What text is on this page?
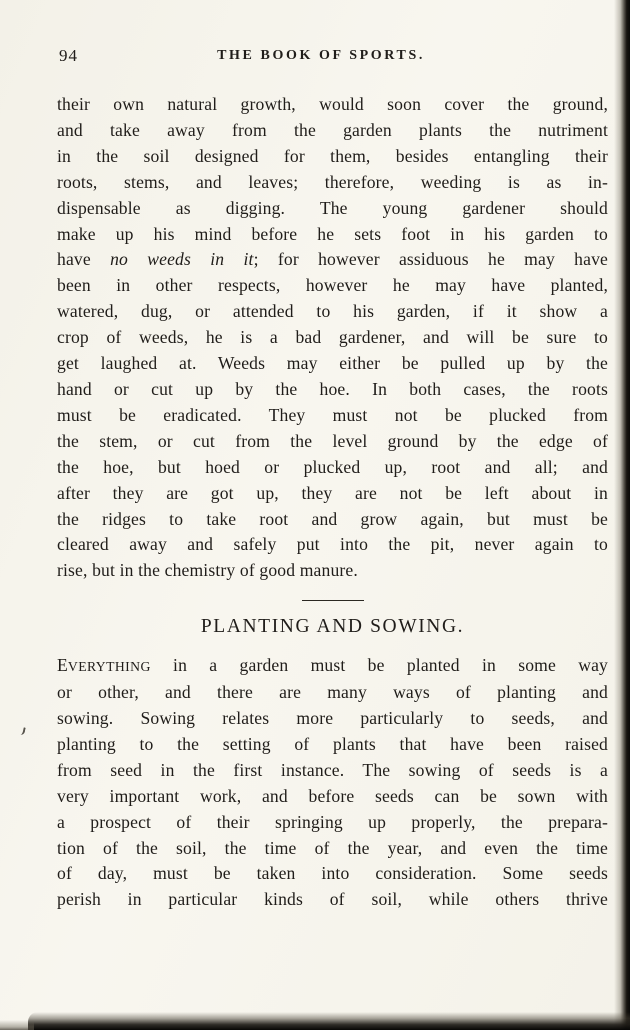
94	THE BOOK OF SPORTS.
their own natural growth, would soon cover the ground,
and take away from the garden plants the nutriment
in the soil designed for them, besides entangling their
roots, stems, and leaves; therefore, weeding is as in-
dispensable as digging. The young gardener should
make up his mind before he sets foot in his garden to
have no weeds in it; for however assiduous he may have
been in other respects, however he may have planted,
watered, dug, or attended to his garden, if it show a
crop of weeds, he is a bad gardener, and will be sure to
get laughed at. Weeds may either be pulled up by the
hand or cut up by the hoe. In both cases, the roots
must be eradicated. They must not be plucked from
the stem, or cut from the level ground by the edge of
the hoe, but hoed or plucked up, root and all; and
after they are got up, they are not be left about in
the ridges to take root and grow again, but must be
cleared away and safely put into the pit, never again to
rise, but in the chemistry of good manure.
PLANTING AND SOWING.
EVERYTHING in a garden must be planted in some way
or other, and there are many ways of planting and
sowing. Sowing relates more particularly to seeds, and
planting to the setting of plants that have been raised
from seed in the first instance. The sowing of seeds is a
very important work, and before seeds can be sown with
a prospect of their springing up properly, the prepara-
tion of the soil, the time of the year, and even the time
of day, must be taken into consideration. Some seeds
perish in particular kinds of soil, while others thrive
